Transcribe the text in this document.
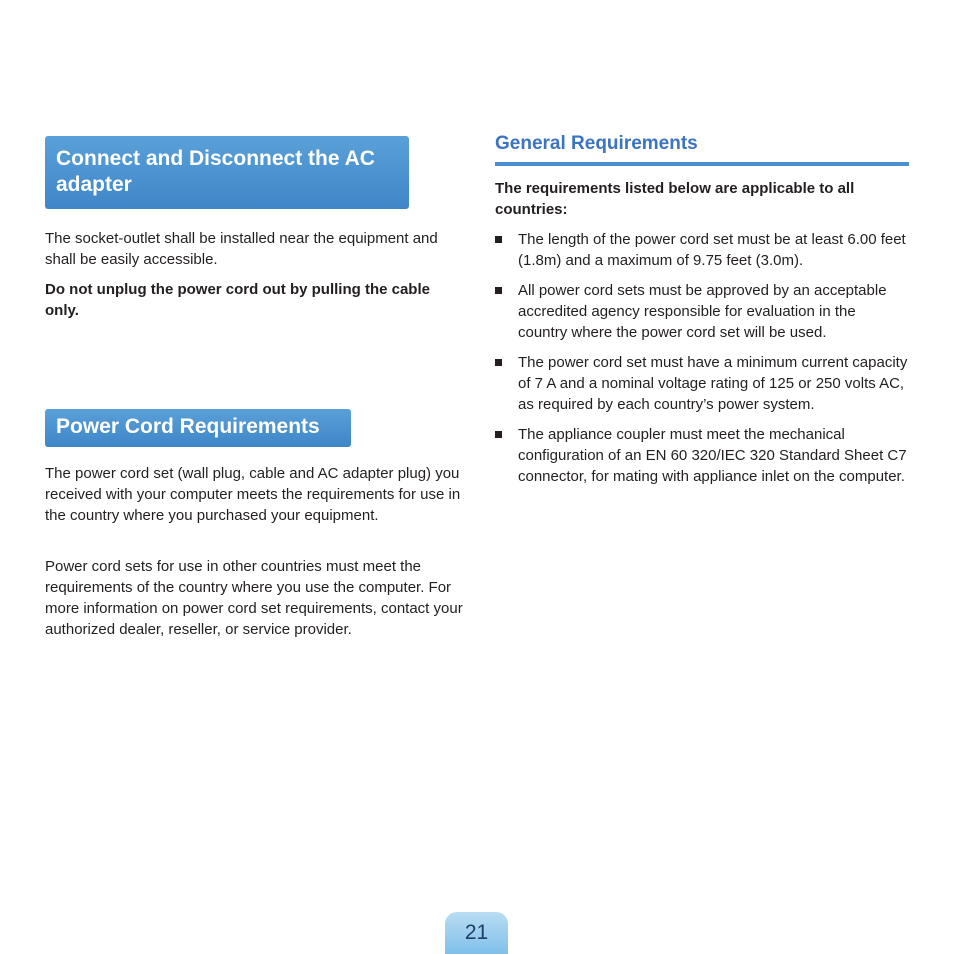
Connect and Disconnect the AC adapter

The socket-outlet shall be installed near the equipment and shall be easily accessible.

Do not unplug the power cord out by pulling the cable only.

Power Cord Requirements

The power cord set (wall plug, cable and AC adapter plug) you received with your computer meets the requirements for use in the country where you purchased your equipment.

Power cord sets for use in other countries must meet the requirements of the country where you use the computer. For more information on power cord set requirements, contact your authorized dealer, reseller, or service provider.

General Requirements

The requirements listed below are applicable to all countries:

The length of the power cord set must be at least 6.00 feet (1.8m) and a maximum of 9.75 feet (3.0m).
All power cord sets must be approved by an acceptable accredited agency responsible for evaluation in the country where the power cord set will be used.
The power cord set must have a minimum current capacity of 7 A and a nominal voltage rating of 125 or 250 volts AC, as required by each country’s power system.
The appliance coupler must meet the mechanical configuration of an EN 60 320/IEC 320 Standard Sheet C7 connector, for mating with appliance inlet on the computer.
21
